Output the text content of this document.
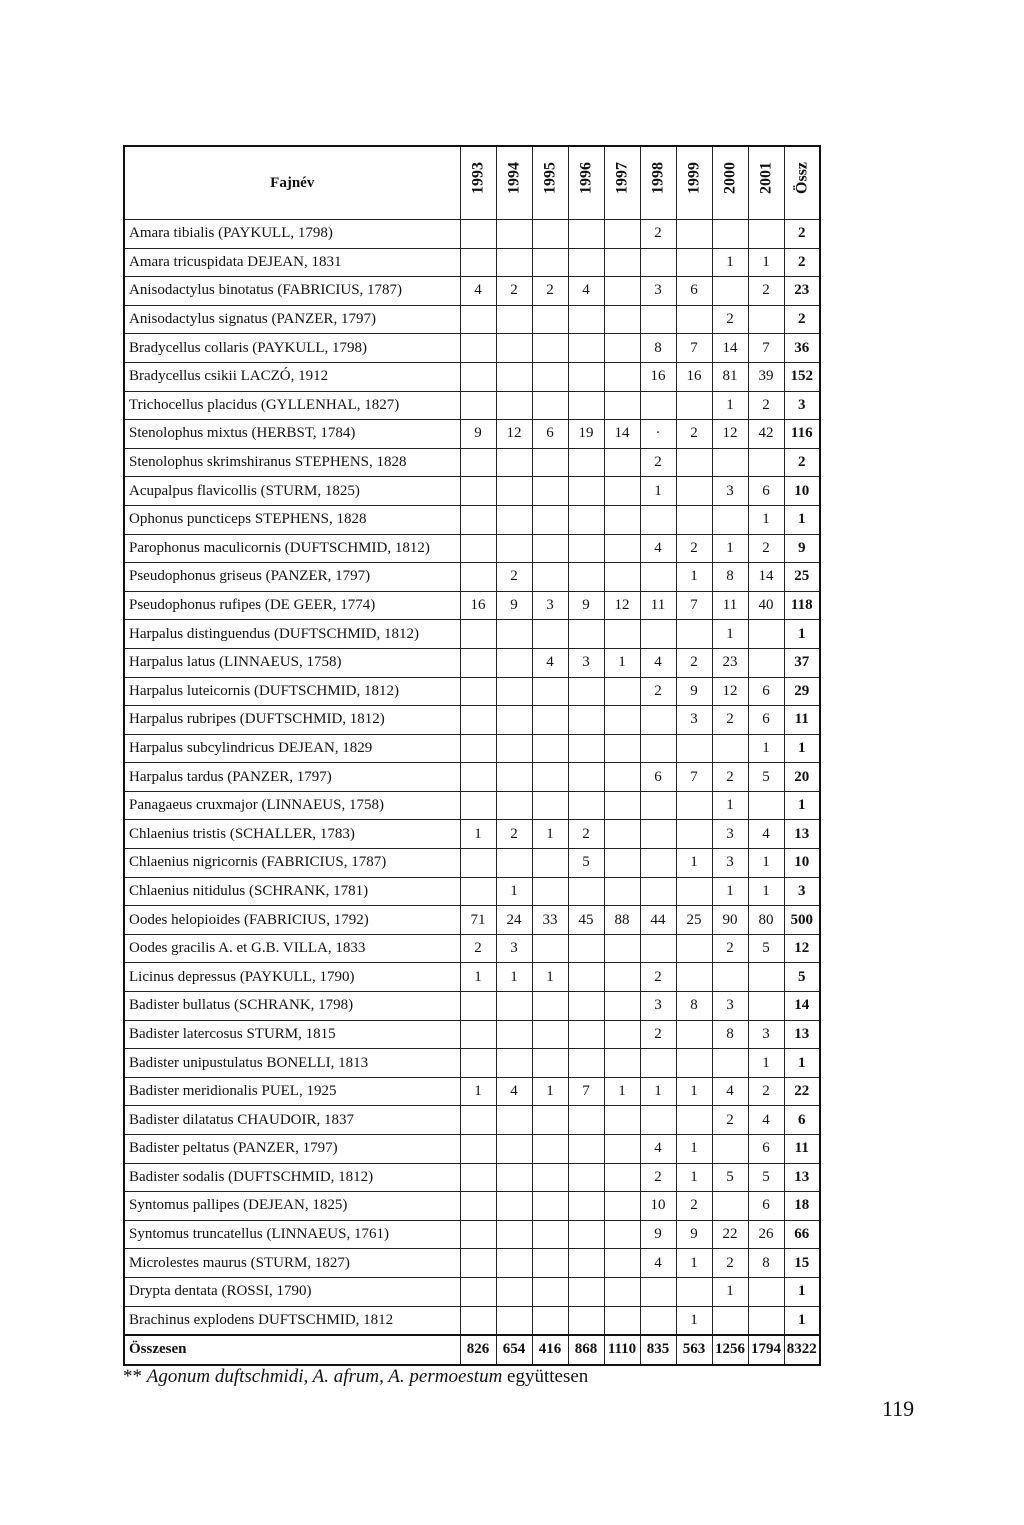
Fajnév	1993	1994	1995	1996	1997	1998	1999	2000	2001	Össz

Amara tibialis (PAYKULL, 1798)						2				2
Amara tricuspidata DEJEAN, 1831								1	1	2
Anisodactylus binotatus (FABRICIUS, 1787)	4	2	2	4		3	6		2	23
Anisodactylus signatus (PANZER, 1797)								2		2
Bradycellus collaris (PAYKULL, 1798)						8	7	14	7	36
Bradycellus csikii LACZÓ, 1912						16	16	81	39	152
Trichocellus placidus (GYLLENHAL, 1827)								1	2	3
Stenolophus mixtus (HERBST, 1784)	9	12	6	19	14	·	2	12	42	116
Stenolophus skrimshiranus STEPHENS, 1828						2				2
Acupalpus flavicollis (STURM, 1825)						1		3	6	10
Ophonus puncticeps STEPHENS, 1828									1	1
Parophonus maculicornis (DUFTSCHMID, 1812)						4	2	1	2	9
Pseudophonus griseus (PANZER, 1797)		2					1	8	14	25
Pseudophonus rufipes (DE GEER, 1774)	16	9	3	9	12	11	7	11	40	118
Harpalus distinguendus (DUFTSCHMID, 1812)								1		1
Harpalus latus (LINNAEUS, 1758)			4	3	1	4	2	23		37
Harpalus luteicornis (DUFTSCHMID, 1812)						2	9	12	6	29
Harpalus rubripes (DUFTSCHMID, 1812)							3	2	6	11
Harpalus subcylindricus DEJEAN, 1829									1	1
Harpalus tardus (PANZER, 1797)						6	7	2	5	20
Panagaeus cruxmajor (LINNAEUS, 1758)								1		1
Chlaenius tristis (SCHALLER, 1783)	1	2	1	2				3	4	13
Chlaenius nigricornis (FABRICIUS, 1787)				5			1	3	1	10
Chlaenius nitidulus (SCHRANK, 1781)		1						1	1	3
Oodes helopioides (FABRICIUS, 1792)	71	24	33	45	88	44	25	90	80	500
Oodes gracilis A. et G.B. VILLA, 1833	2	3						2	5	12
Licinus depressus (PAYKULL, 1790)	1	1	1			2				5
Badister bullatus (SCHRANK, 1798)						3	8	3		14
Badister latercosus STURM, 1815						2		8	3	13
Badister unipustulatus BONELLI, 1813									1	1
Badister meridionalis PUEL, 1925	1	4	1	7	1	1	1	4	2	22
Badister dilatatus CHAUDOIR, 1837								2	4	6
Badister peltatus (PANZER, 1797)						4	1		6	11
Badister sodalis (DUFTSCHMID, 1812)						2	1	5	5	13
Syntomus pallipes (DEJEAN, 1825)						10	2		6	18
Syntomus truncatellus (LINNAEUS, 1761)						9	9	22	26	66
Microlestes maurus (STURM, 1827)						4	1	2	8	15
Drypta dentata (ROSSI, 1790)								1		1
Brachinus explodens DUFTSCHMID, 1812							1			1
Összesen	826	654	416	868	1110	835	563	1256	1794	8322
** Agonum duftschmidi, A. afrum, A. permoestum együttesen
119
